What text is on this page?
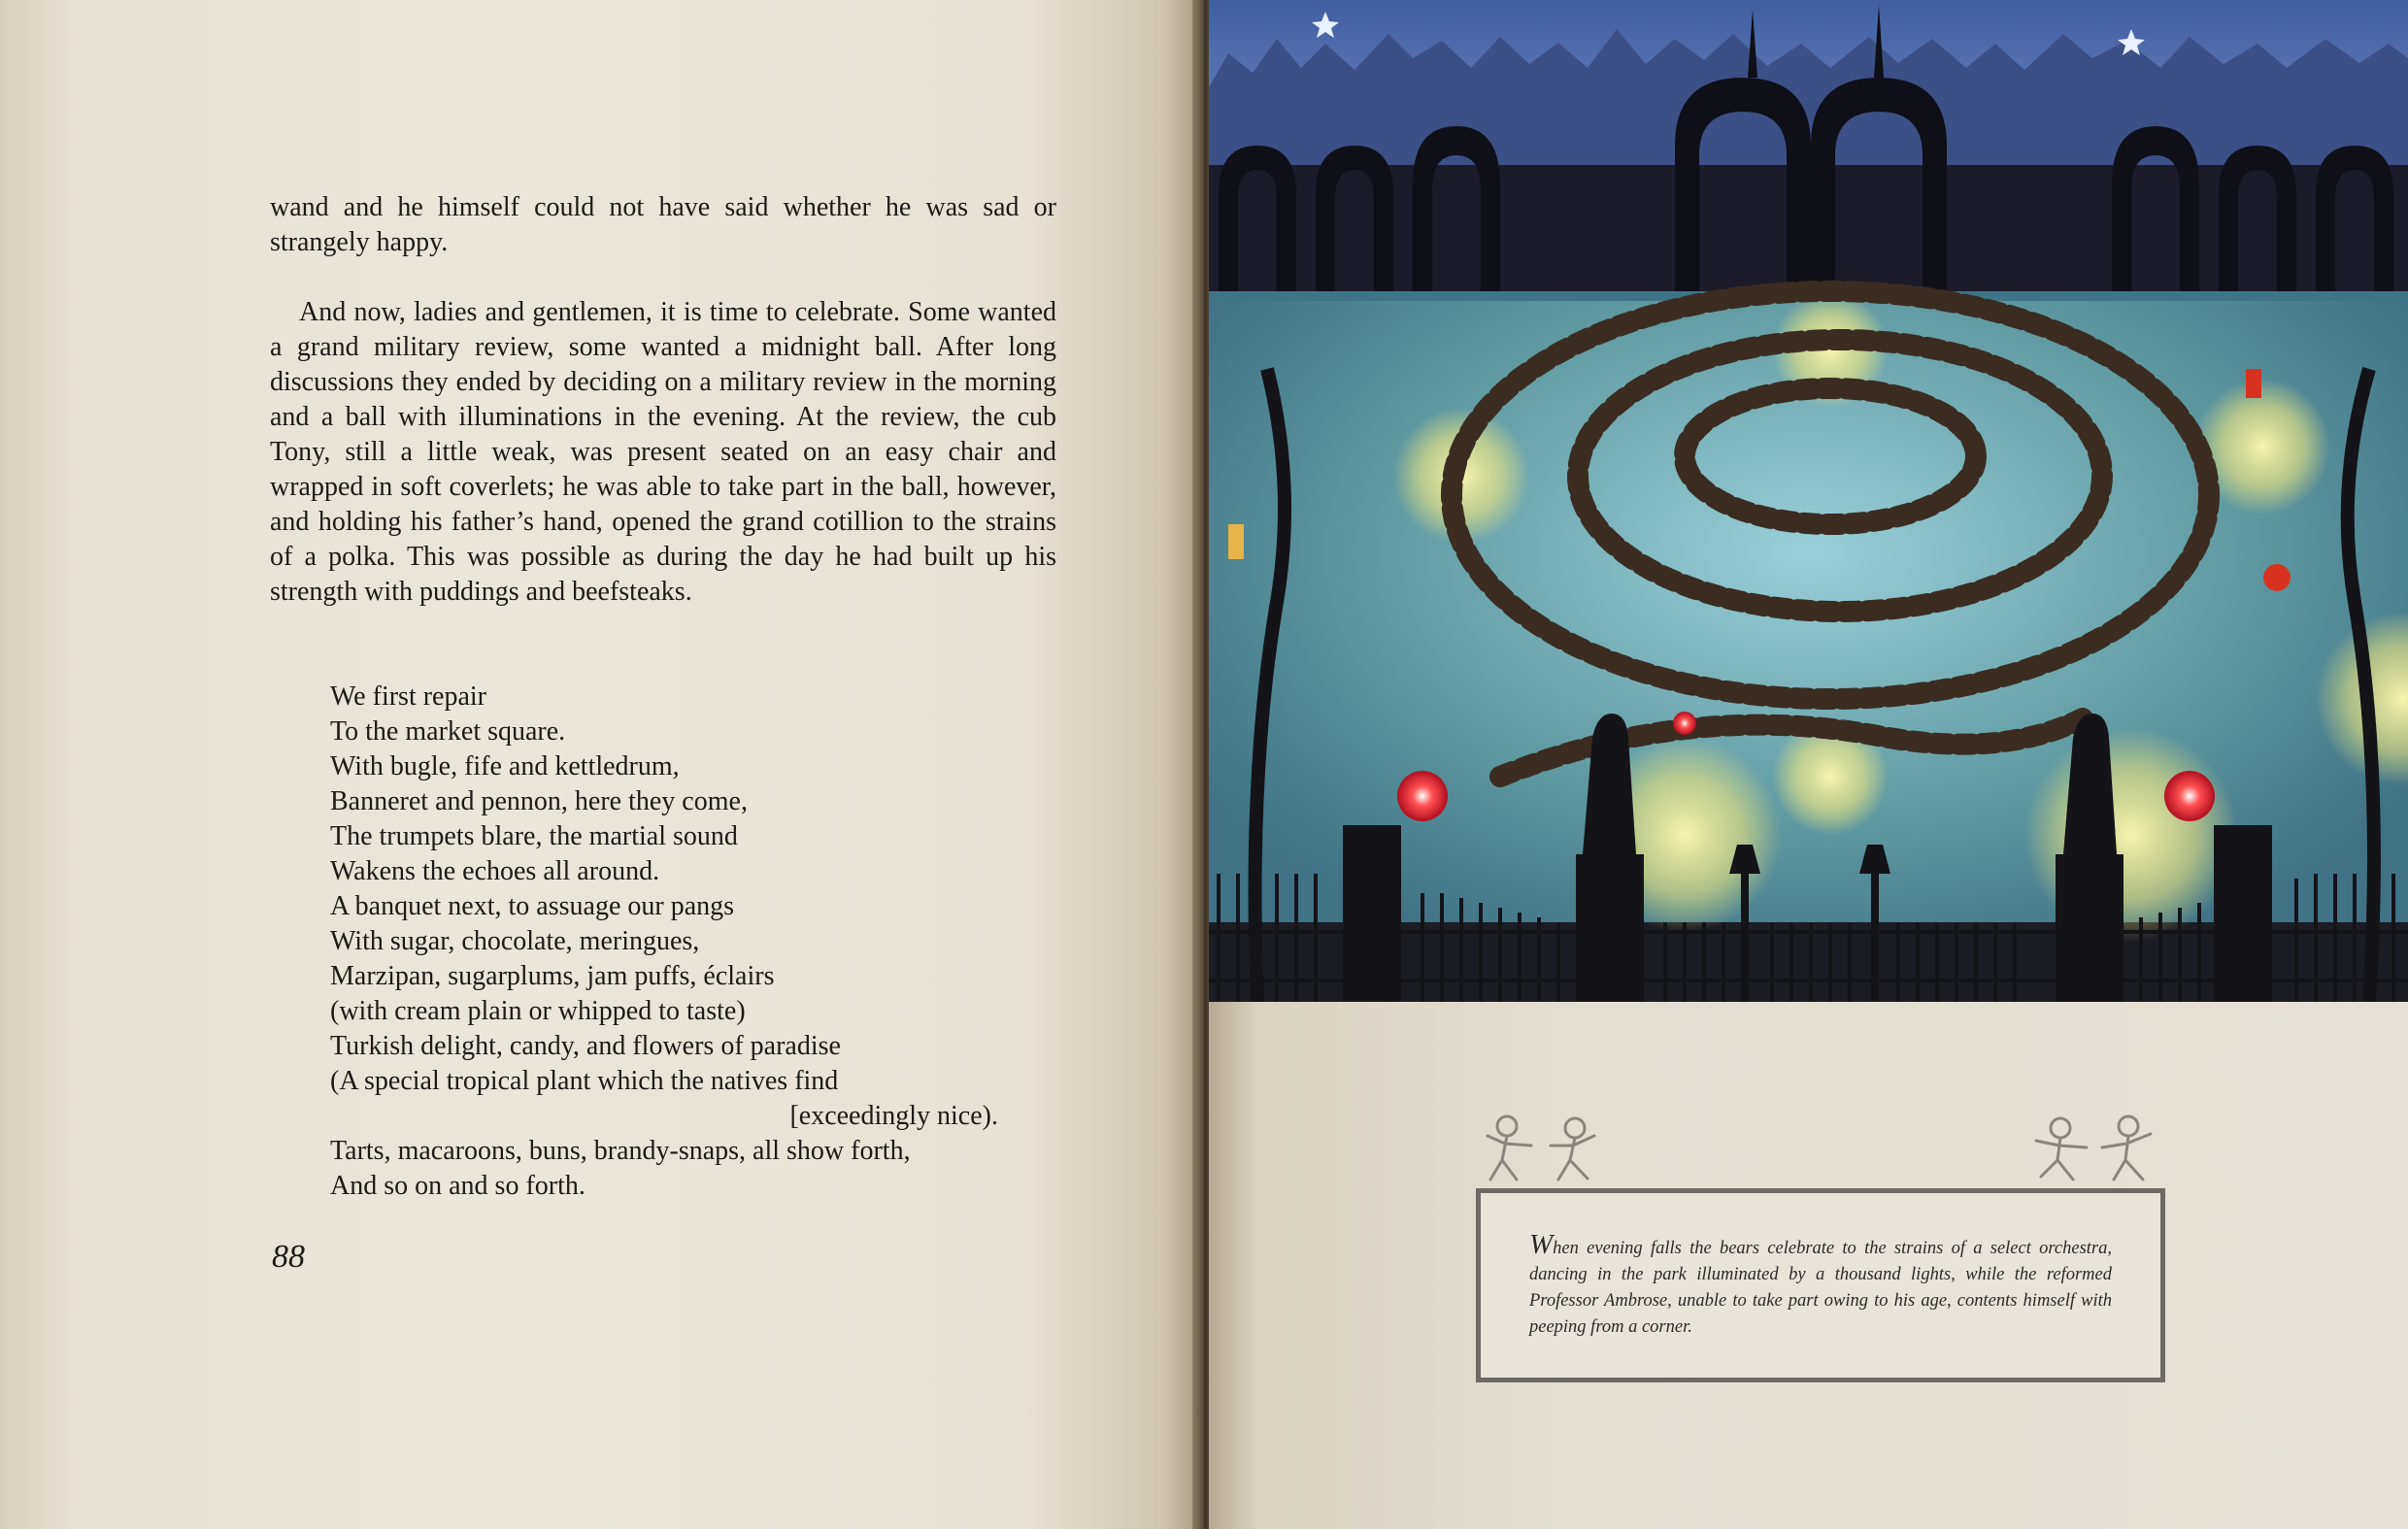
wand and he himself could not have said whether he was sad or strangely happy.

And now, ladies and gentlemen, it is time to celebrate. Some wanted a grand military review, some wanted a midnight ball. After long discussions they ended by deciding on a military review in the morning and a ball with illuminations in the evening. At the review, the cub Tony, still a little weak, was present seated on an easy chair and wrapped in soft coverlets; he was able to take part in the ball, however, and holding his father’s hand, opened the grand cotillion to the strains of a polka. This was possible as during the day he had built up his strength with puddings and beefsteaks.

We first repair
To the market square.
With bugle, fife and kettledrum,
Banneret and pennon, here they come,
The trumpets blare, the martial sound
Wakens the echoes all around.
A banquet next, to assuage our pangs
With sugar, chocolate, meringues,
Marzipan, sugarplums, jam puffs, éclairs
(with cream plain or whipped to taste)
Turkish delight, candy, and flowers of paradise
(A special tropical plant which the natives find
[exceedingly nice).
Tarts, macaroons, buns, brandy-snaps, all show forth,
And so on and so forth.
88	When evening falls the bears celebrate to the strains of a select orchestra, dancing in the park illuminated by a thousand lights, while the reformed Professor Ambrose, unable to take part owing to his age, contents himself with peeping from a corner.
